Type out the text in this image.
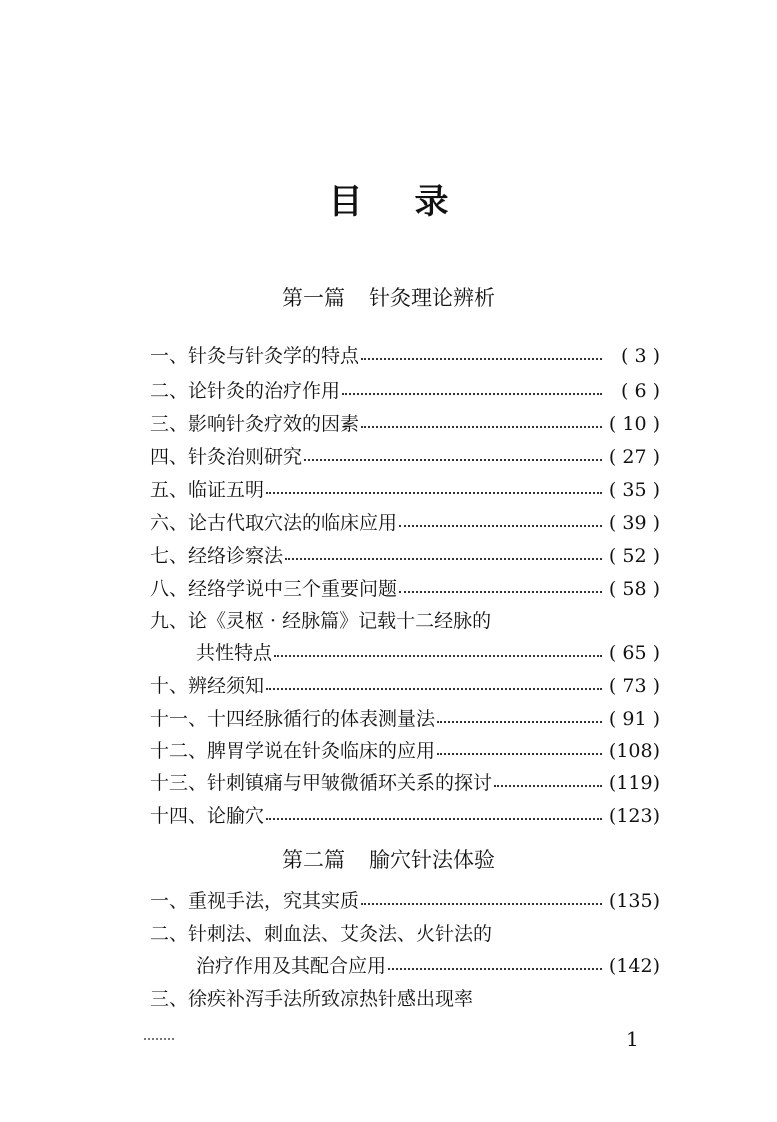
目 录
第一篇 针灸理论辨析
一、 针灸与针灸学的特点	( 3 )
二、 论针灸的治疗作用	( 6 )
三、 影响针灸疗效的因素	( 10 )
四、 针灸治则研究	( 27 )
五、 临证五明	( 35 )
六、 论古代取穴法的临床应用	( 39 )
七、 经络诊察法	( 52 )
八、 经络学说中三个重要问题	( 58 )
九、 论《灵枢 · 经脉篇》记载十二经脉的
共性特点	( 65 )
十、 辨经须知	( 73 )
十一、 十四经脉循行的体表测量法	( 91 )
十二、 脾胃学说在针灸临床的应用	(108)
十三、 针刺镇痛与甲皱微循环关系的探讨	(119)
十四、 论腧穴	(123)
第二篇 腧穴针法体验
一、 重视手法，究其实质	(135)
二、 针刺法、刺血法、艾灸法、火针法的
治疗作用及其配合应用	(142)
三、 徐疾补泻手法所致凉热针感出现率
1
